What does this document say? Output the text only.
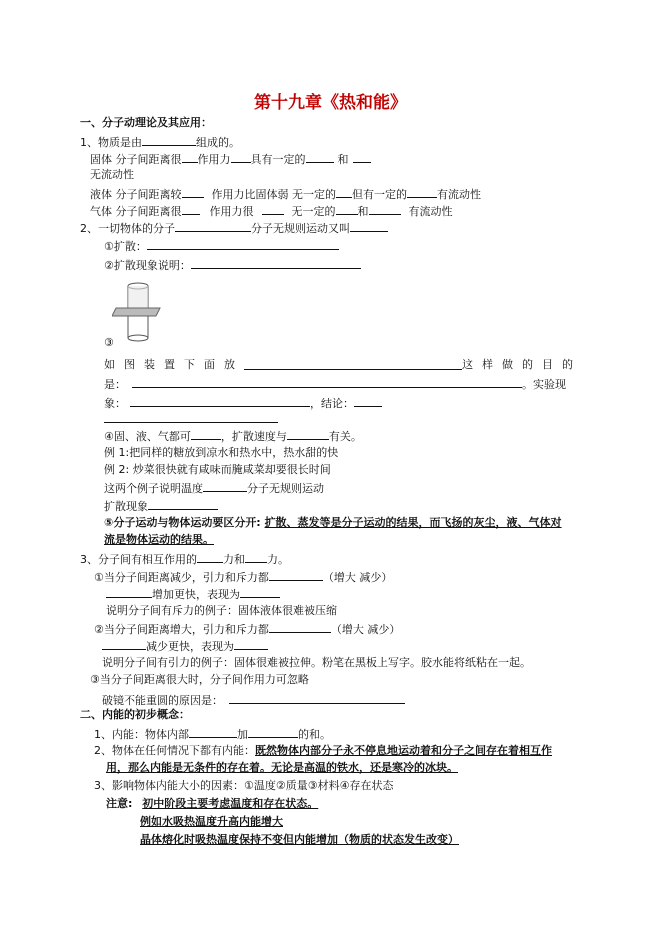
第十九章《热和能》
一、分子动理论及其应用：
1、物质是由	组成的。
固体 分子间距离很 作用力 具有一定的	和
无流动性
液体 分子间距离较	作用力比固体弱 无一定的 但有一定的	有流动性
气体 分子间距离很	作用力很	无一定的 和	有流动性
2、一切物体的分子	分子无规则运动又叫
①扩散：
②扩散现象说明：
③
如图装置下面放	这样做的目的
是：	。实验现
象：	，结论：
④固、液、气都可	，扩散速度与	有关。
例 1:把同样的糖放到凉水和热水中，热水甜的快
例 2: 炒菜很快就有咸味而腌咸菜却要很长时间
这两个例子说明温度	分子无规则运动
扩散现象
⑤分子运动与物体运动要区分开: 扩散、蒸发等是分子运动的结果，而飞扬的灰尘，液、气体对
流是物体运动的结果。
3、分子间有相互作用的 力和 力。
①当分子间距离减少，引力和斥力都	（增大 减少）
增加更快，表现为
说明分子间有斥力的例子：固体液体很难被压缩
②当分子间距离增大，引力和斥力都	（增大 减少）
减少更快，表现为
说明分子间有引力的例子：固体很难被拉伸。粉笔在黑板上写字。胶水能将纸粘在一起。
③当分子间距离很大时，分子间作用力可忽略
破镜不能重圆的原因是：
二、内能的初步概念：
1、内能：物体内部	加	的和。
2、物体在任何情况下都有内能：既然物体内部分子永不停息地运动着和分子之间存在着相互作
用，那么内能是无条件的存在着。无论是高温的铁水，还是寒冷的冰块。
3、影响物体内能大小的因素：①温度②质量③材料④存在状态
注意: 初中阶段主要考虑温度和存在状态。
例如水吸热温度升高内能增大
晶体熔化时吸热温度保持不变但内能增加（物质的状态发生改变）
